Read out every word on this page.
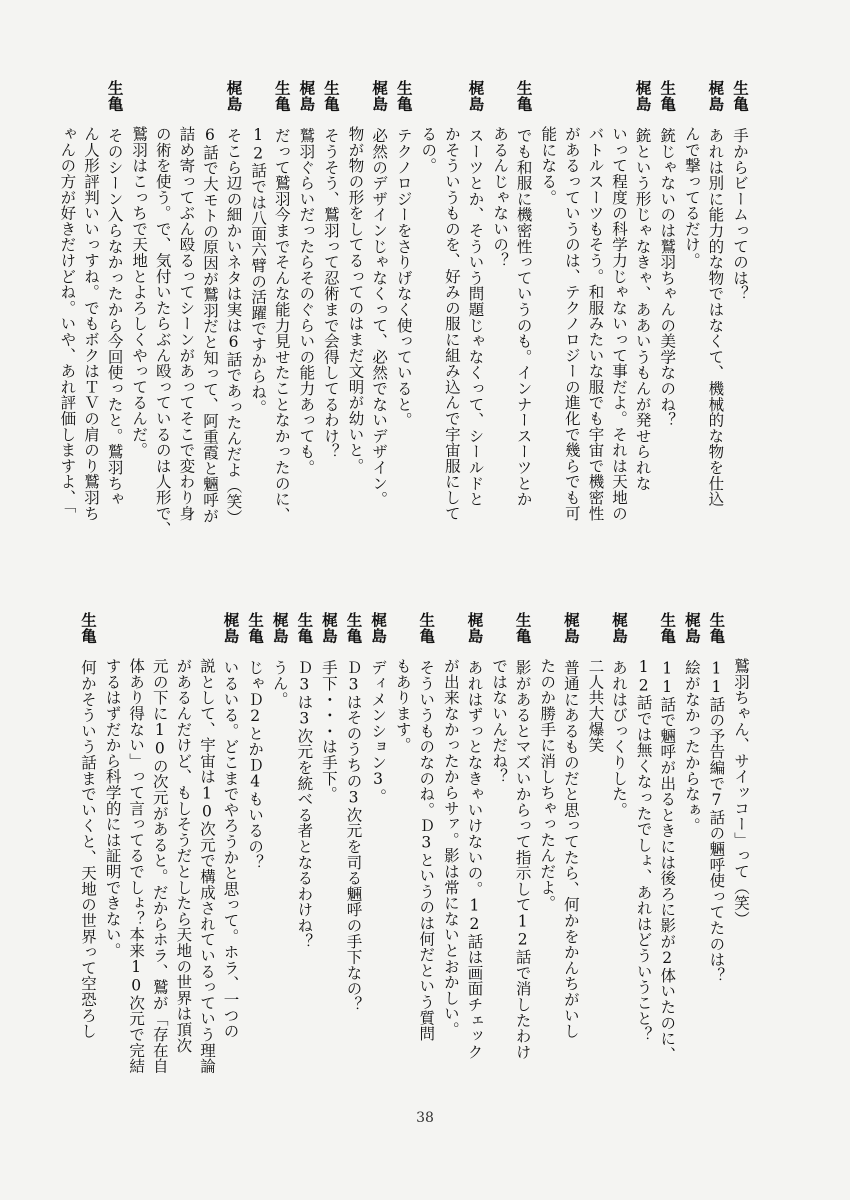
生亀手からビームってのは？
梶島あれは別に能力的な物ではなくて、機械的な物を仕込
んで撃ってるだけ。
生亀銃じゃないのは鷲羽ちゃんの美学なのね？
梶島銃という形じゃなきゃ、ああいうもんが発せられな
いって程度の科学力じゃないって事だよ。それは天地の
バトルスーツもそう。和服みたいな服でも宇宙で機密性
があるっていうのは、テクノロジーの進化で幾らでも可
能になる。
生亀でも和服に機密性っていうのも。インナースーツとか
あるんじゃないの？
梶島スーツとか、そういう問題じゃなくって、シールドと
かそういうものを、好みの服に組み込んで宇宙服にして
るの。
生亀テクノロジーをさりげなく使っていると。
梶島必然のデザインじゃなくって、必然でないデザイン。
物が物の形をしてるってのはまだ文明が幼いと。
生亀そうそう、鷲羽って忍術まで会得してるわけ？
梶島鷲羽ぐらいだったらそのぐらいの能力あっても。
生亀だって鷲羽今までそんな能力見せたことなかったのに、
12話では八面六臂の活躍ですからね。
梶島そこら辺の細かいネタは実は6話であったんだよ（笑）
6話で大モトの原因が鷲羽だと知って、阿重霞と魎呼が
詰め寄ってぶん殴るってシーンがあってそこで変わり身
の術を使う。で、気付いたらぶん殴っているのは人形で、
鷲羽はこっちで天地とよろしくやってるんだ。
生亀そのシーン入らなかったから今回使ったと。鷲羽ちゃ
ん人形評判いいっすね。でもボクはＴＶの肩のり鷲羽ち
ゃんの方が好きだけどね。いや、あれ評価しますよ、「
鷲羽ちゃん、サイッコー」って（笑）
生亀11話の予告編で7話の魎呼使ってたのは？
梶島絵がなかったからなぁ。
生亀11話で魎呼が出るときには後ろに影が2体いたのに、
12話では無くなったでしょ、あれはどういうこと？
梶島あれはびっくりした。
二人共大爆笑
梶島普通にあるものだと思ってたら、何かをかんちがいし
たのか勝手に消しちゃったんだよ。
生亀影があるとマズいからって指示して12話で消したわけ
ではないんだね？
梶島あれはずっとなきゃいけないの。12話は画面チェック
が出来なかったからサァ。影は常にないとおかしい。
生亀そういうものなのね。Ｄ3というのは何だという質問
もあります。
梶島ディメンション3。
生亀Ｄ3はそのうちの3次元を司る魎呼の手下なの？
梶島手下・・・は手下。
生亀Ｄ3は3次元を統べる者となるわけね？
梶島うん。
生亀じゃＤ2とかＤ4もいるの？
梶島いるいる。どこまでやろうかと思って。ホラ、一つの
説として、宇宙は10次元で構成されているっていう理論
があるんだけど、もしそうだとしたら天地の世界は頂次
元の下に10の次元があると。だからホラ、鷲が「存在自
体あり得ない」って言ってるでしょ？本来10次元で完結
するはずだから科学的には証明できない。
生亀何かそういう話までいくと、天地の世界って空恐ろし
38
